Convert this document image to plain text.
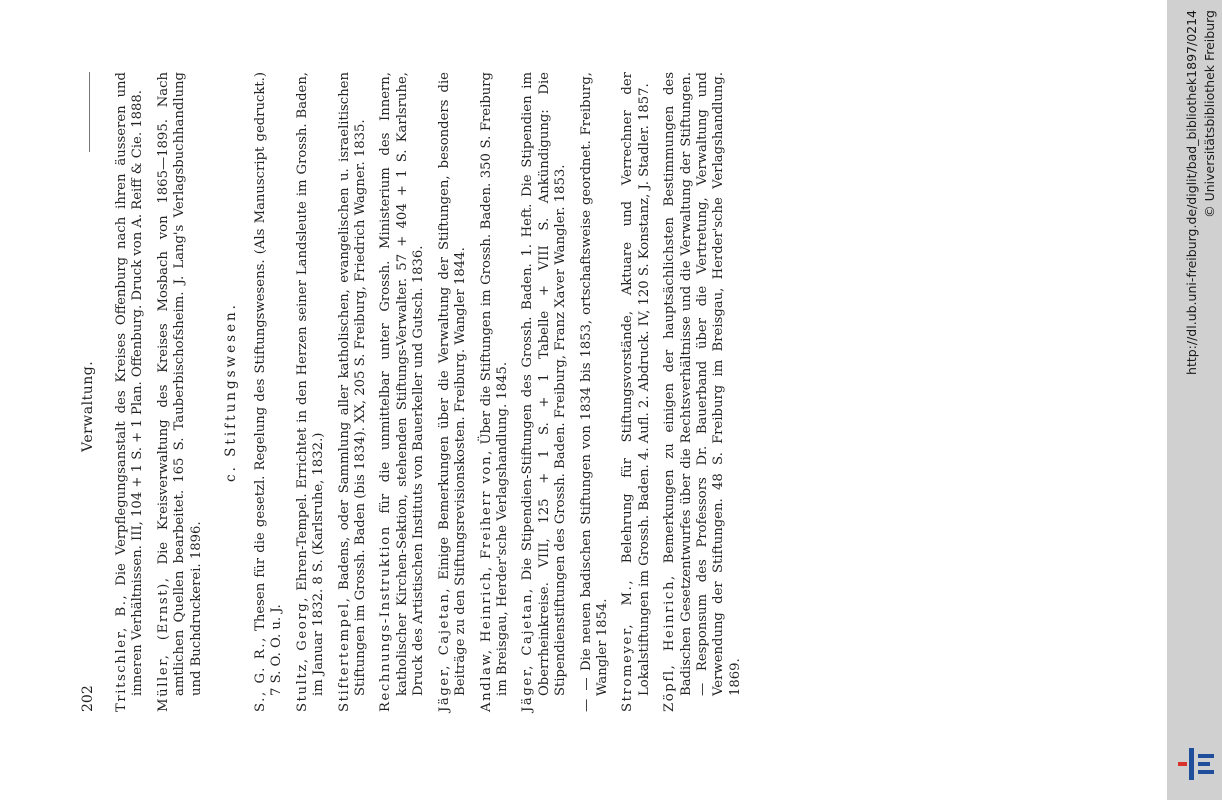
202
Verwaltung.

Tritschler, B., Die Verpflegungsanstalt des Kreises Offenburg nach ihren äusseren und inneren Verhältnissen. III, 104 + 1 S. + 1 Plan. Offenburg. Druck von A. Reiff & Cie. 1888. Müller, (Ernst), Die Kreisverwaltung des Kreises Mosbach von 1865—1895. Nach amtlichen Quellen bearbeitet. 165 S. Tauberbischofsheim. J. Lang's Verlagsbuchhandlung und Buchdruckerei. 1896.

c. Stiftungswesen.

S., G. R., Thesen für die gesetzl. Regelung des Stiftungswesens. (Als Manuscript gedruckt.) 7 S. O. O. u. J. Stultz, Georg, Ehren-Tempel. Errichtet in den Herzen seiner Landsleute im Grossh. Baden, im Januar 1832. 8 S. (Karlsruhe, 1832.) Stiftertempel, Badens, oder Sammlung aller katholischen, evangelischen u. israelitischen Stiftungen im Grossh. Baden (bis 1834). XX, 205 S. Freiburg, Friedrich Wagner. 1835. Rechnungs-Instruktion für die unmittelbar unter Grossh. Ministerium des Innern, katholischer Kirchen-Sektion, stehenden Stiftungs-Verwalter. 57 + 404 + 1 S. Karlsruhe, Druck des Artistischen Instituts von Bauerkeller und Gutsch. 1836. Jäger, Cajetan, Einige Bemerkungen über die Verwaltung der Stiftungen, besonders die Beiträge zu den Stiftungsrevisionskosten. Freiburg. Wangler 1844. Andlaw, Heinrich, Freiherr von, Über die Stiftungen im Grossh. Baden. 350 S. Freiburg im Breisgau, Herder'sche Verlagshandlung. 1845. Jäger, Cajetan, Die Stipendien-Stiftungen des Grossh. Baden. 1. Heft. Die Stipendien im Oberrheinkreise. VIII, 125 + 1 S. + 1 Tabelle + VIII S. Ankündigung: Die Stipendienstiftungen des Grossh. Baden. Freiburg, Franz Xaver Wangler. 1853. — — Die neuen badischen Stiftungen von 1834 bis 1853, ortschaftsweise geordnet. Freiburg, Wangler 1854. Stromeyer, M., Belehrung für Stiftungsvorstände, Aktuare und Verrechner der Lokalstiftungen im Grossh. Baden. 4. Aufl. 2. Abdruck. IV, 120 S. Konstanz, J. Stadler. 1857. Zöpfl, Heinrich, Bemerkungen zu einigen der hauptsächlichsten Bestimmungen des Badischen Gesetzentwurfes über die Rechtsverhältnisse und die Verwaltung der Stiftungen. — Responsum des Professors Dr. Bauerband über die Vertretung, Verwaltung und Verwendung der Stiftungen. 48 S. Freiburg im Breisgau, Herder'sche Verlagshandlung. 1869.

http://dl.ub.uni-freiburg.de/diglit/bad_bibliothek1897/0214 © Universitätsbibliothek Freiburg
